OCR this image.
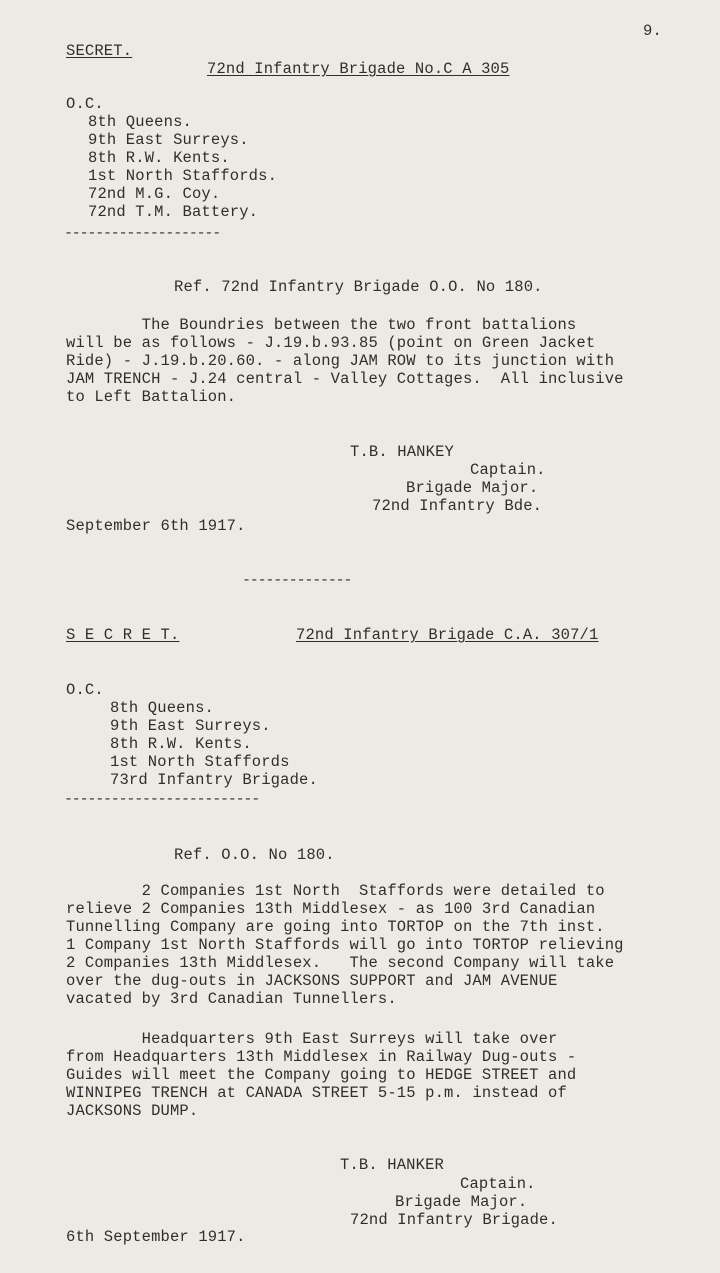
9.
SECRET.
72nd Infantry Brigade No.C A 305
O.C.
8th Queens.
9th East Surreys.
8th R.W. Kents.
1st North Staffords.
72nd M.G. Coy.
72nd T.M. Battery.
--------------------
Ref. 72nd Infantry Brigade O.O. No 180.
The Boundries between the two front battalions
will be as follows - J.19.b.93.85 (point on Green Jacket
Ride) - J.19.b.20.60. - along JAM ROW to its junction with
JAM TRENCH - J.24 central - Valley Cottages.  All inclusive
to Left Battalion.
T.B. HANKEY
Captain.
Brigade Major.
72nd Infantry Bde.
September 6th 1917.
--------------
S E C R E T.	72nd Infantry Brigade C.A. 307/1
O.C.
8th Queens.
9th East Surreys.
8th R.W. Kents.
1st North Staffords
73rd Infantry Brigade.
-------------------------
Ref. O.O. No 180.
2 Companies 1st North  Staffords were detailed to
relieve 2 Companies 13th Middlesex - as 100 3rd Canadian
Tunnelling Company are going into TORTOP on the 7th inst.
1 Company 1st North Staffords will go into TORTOP relieving
2 Companies 13th Middlesex.   The second Company will take
over the dug-outs in JACKSONS SUPPORT and JAM AVENUE
vacated by 3rd Canadian Tunnellers.
Headquarters 9th East Surreys will take over
from Headquarters 13th Middlesex in Railway Dug-outs -
Guides will meet the Company going to HEDGE STREET and
WINNIPEG TRENCH at CANADA STREET 5-15 p.m. instead of
JACKSONS DUMP.
T.B. HANKER
Captain.
Brigade Major.
72nd Infantry Brigade.
6th September 1917.
